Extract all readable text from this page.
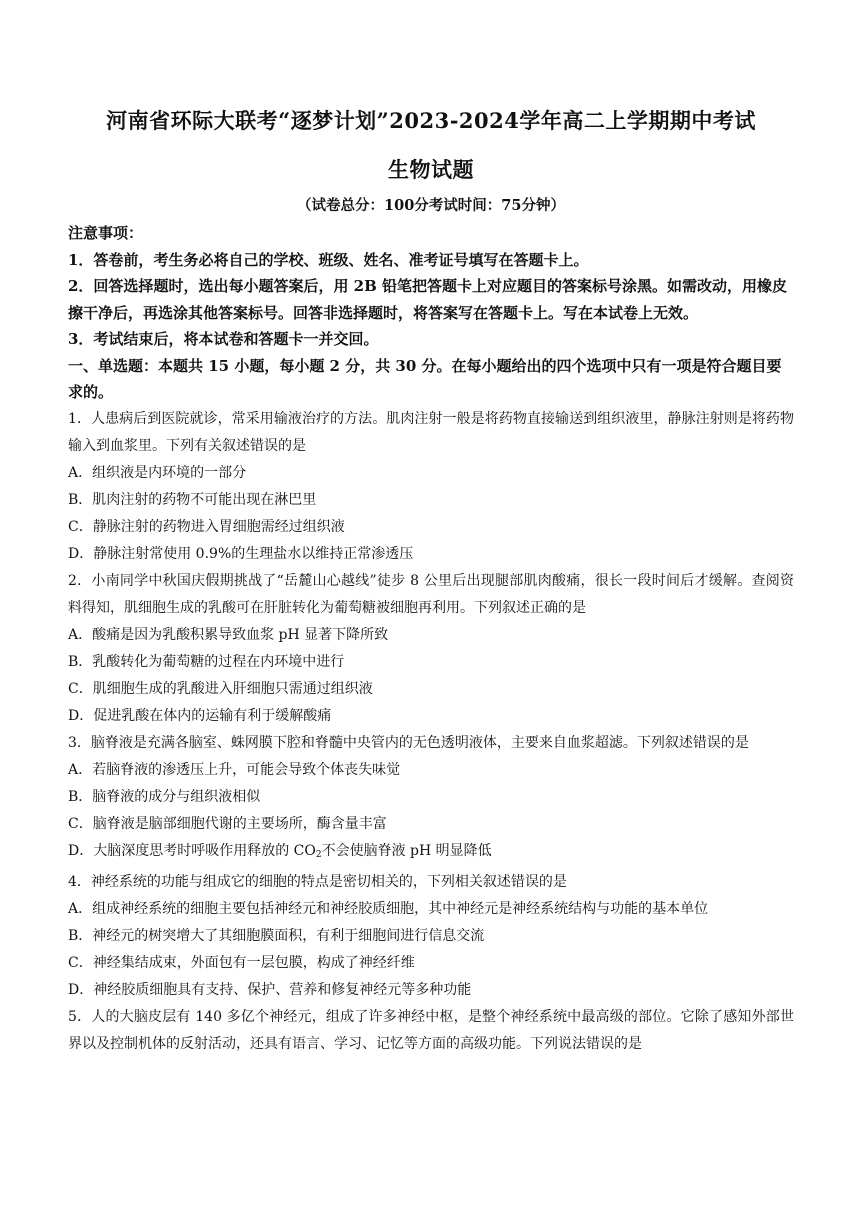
河南省环际大联考“逐梦计划”2023-2024学年高二上学期期中考试
生物试题
（试卷总分：100分考试时间：75分钟）
注意事项：
1．答卷前，考生务必将自己的学校、班级、姓名、准考证号填写在答题卡上。
2．回答选择题时，选出每小题答案后，用 2B 铅笔把答题卡上对应题目的答案标号涂黑。如需改动，用橡皮擦干净后，再选涂其他答案标号。回答非选择题时，将答案写在答题卡上。写在本试卷上无效。
3．考试结束后，将本试卷和答题卡一并交回。
一、单选题：本题共 15 小题，每小题 2 分，共 30 分。在每小题给出的四个选项中只有一项是符合题目要求的。
1．人患病后到医院就诊，常采用输液治疗的方法。肌肉注射一般是将药物直接输送到组织液里，静脉注射则是将药物输入到血浆里。下列有关叙述错误的是
A．组织液是内环境的一部分
B．肌肉注射的药物不可能出现在淋巴里
C．静脉注射的药物进入胃细胞需经过组织液
D．静脉注射常使用 0.9%的生理盐水以维持正常渗透压
2．小南同学中秋国庆假期挑战了“岳麓山心越线”徒步 8 公里后出现腿部肌肉酸痛，很长一段时间后才缓解。查阅资料得知，肌细胞生成的乳酸可在肝脏转化为葡萄糖被细胞再利用。下列叙述正确的是
A．酸痛是因为乳酸积累导致血浆 pH 显著下降所致
B．乳酸转化为葡萄糖的过程在内环境中进行
C．肌细胞生成的乳酸进入肝细胞只需通过组织液
D．促进乳酸在体内的运输有利于缓解酸痛
3．脑脊液是充满各脑室、蛛网膜下腔和脊髓中央管内的无色透明液体，主要来自血浆超滤。下列叙述错误的是
A．若脑脊液的渗透压上升，可能会导致个体丧失味觉
B．脑脊液的成分与组织液相似
C．脑脊液是脑部细胞代谢的主要场所，酶含量丰富
D．大脑深度思考时呼吸作用释放的 $CO_2$不会使脑脊液 pH 明显降低
4．神经系统的功能与组成它的细胞的特点是密切相关的，下列相关叙述错误的是
A．组成神经系统的细胞主要包括神经元和神经胶质细胞，其中神经元是神经系统结构与功能的基本单位
B．神经元的树突增大了其细胞膜面积，有利于细胞间进行信息交流
C．神经集结成束，外面包有一层包膜，构成了神经纤维
D．神经胶质细胞具有支持、保护、营养和修复神经元等多种功能
5．人的大脑皮层有 140 多亿个神经元，组成了许多神经中枢，是整个神经系统中最高级的部位。它除了感知外部世界以及控制机体的反射活动，还具有语言、学习、记忆等方面的高级功能。下列说法错误的是
